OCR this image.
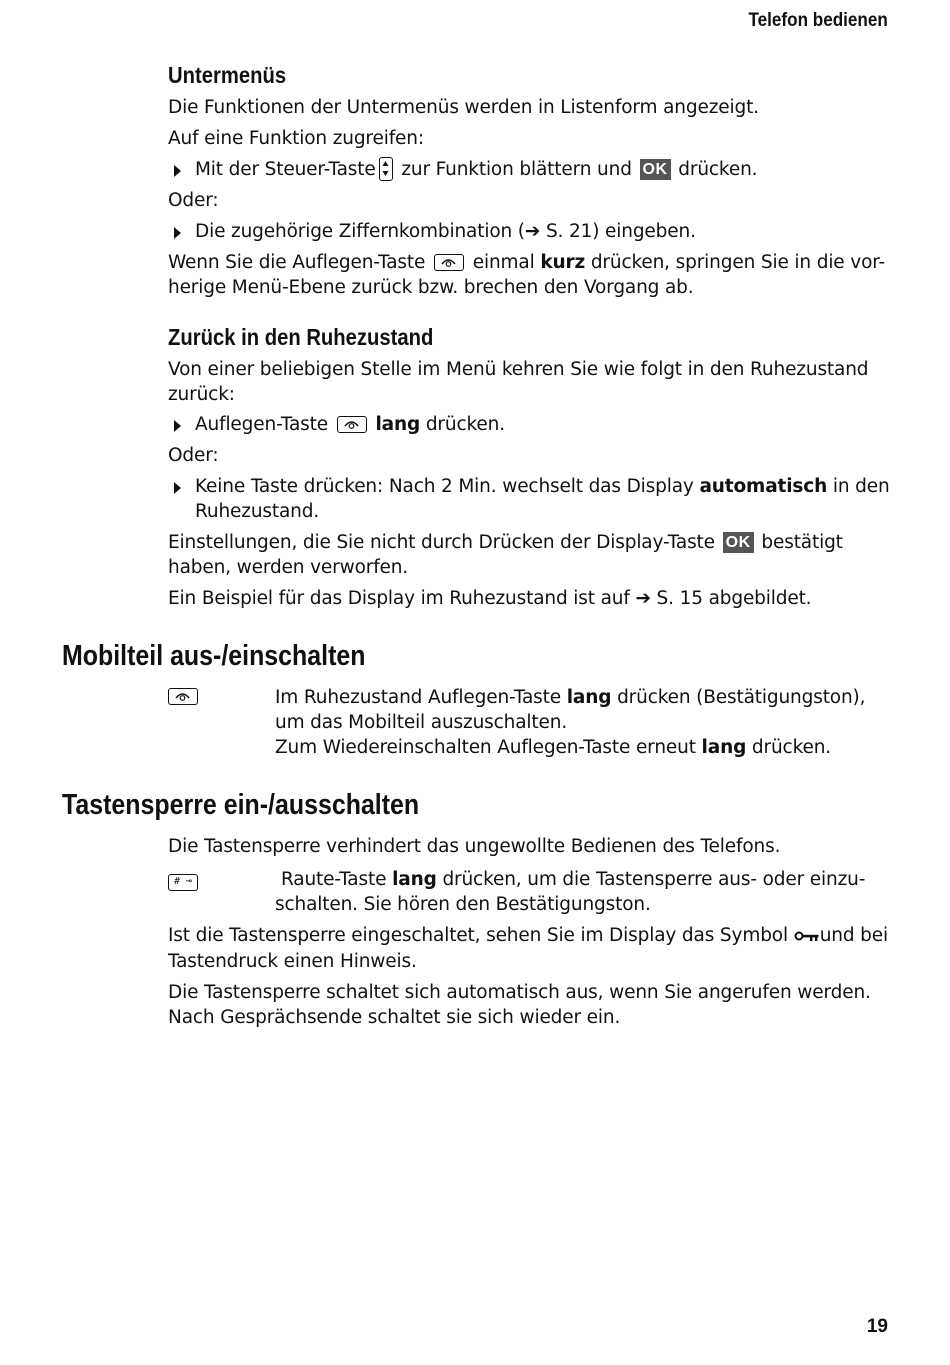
Telefon bedienen
Untermenüs

Die Funktionen der Untermenüs werden in Listenform angezeigt.

Auf eine Funktion zugreifen:

Mit der Steuer-Taste zur Funktion blättern und OK drücken.

Oder:

Die zugehörige Ziffernkombination (➔ S. 21) eingeben.

Wenn Sie die Auflegen-Taste	einmal kurz drücken, springen Sie in die vor-
herige Menü-Ebene zurück bzw. brechen den Vorgang ab.

Zurück in den Ruhezustand

Von einer beliebigen Stelle im Menü kehren Sie wie folgt in den Ruhezustand zurück:

Auflegen-Taste	lang drücken.

Oder:

Keine Taste drücken: Nach 2 Min. wechselt das Display automatisch in den Ruhezustand.

Einstellungen, die Sie nicht durch Drücken der Display-Taste OK bestätigt haben, werden verworfen.

Ein Beispiel für das Display im Ruhezustand ist auf ➔ S. 15 abgebildet.

Mobilteil aus-/einschalten

Im Ruhezustand Auflegen-Taste lang drücken (Bestätigungston),
um das Mobilteil auszuschalten.
Zum Wiedereinschalten Auflegen-Taste erneut lang drücken.

Tastensperre ein-/ausschalten

Die Tastensperre verhindert das ungewollte Bedienen des Telefons.

# ⊸	Raute-Taste lang drücken, um die Tastensperre aus- oder einzu-
schalten. Sie hören den Bestätigungston.

Ist die Tastensperre eingeschaltet, sehen Sie im Display das Symbol und bei Tastendruck einen Hinweis.

Die Tastensperre schaltet sich automatisch aus, wenn Sie angerufen werden. Nach Gesprächsende schaltet sie sich wieder ein.

19
